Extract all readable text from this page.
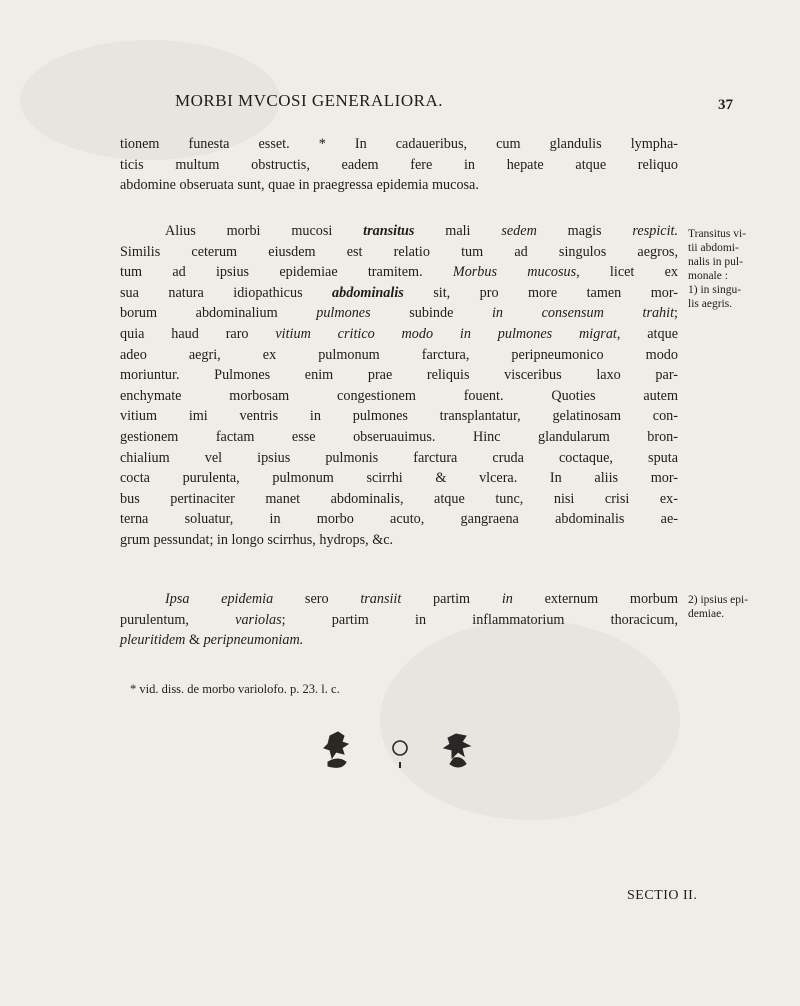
MORBI MVCOSI GENERALIORA.	37
tionem funesta esset. * In cadaueribus, cum glandulis lympha-
ticis multum obstructis, eadem fere in hepate atque reliquo
abdomine obseruata sunt, quae in praegressa epidemia mucosa.
Alius morbi mucosi transitus mali sedem magis respicit.
Similis ceterum eiusdem est relatio tum ad singulos aegros,
tum ad ipsius epidemiae tramitem. Morbus mucosus, licet ex
sua natura idiopathicus abdominalis sit, pro more tamen mor-
borum abdominalium pulmones subinde in consensum trahit;
quia haud raro vitium critico modo in pulmones migrat, atque
adeo aegri, ex pulmonum farctura, peripneumonico modo
moriuntur. Pulmones enim prae reliquis visceribus laxo par-
enchymate morbosam congestionem fouent. Quoties autem
vitium imi ventris in pulmones transplantatur, gelatinosam con-
gestionem factam esse obseruauimus. Hinc glandularum bron-
chialium vel ipsius pulmonis farctura cruda coctaque, sputa
cocta purulenta, pulmonum scirrhi & vlcera. In aliis mor-
bus pertinaciter manet abdominalis, atque tunc, nisi crisi ex-
terna soluatur, in morbo acuto, gangraena abdominalis ae-
grum pessundat; in longo scirrhus, hydrops, &c.
Ipsa epidemia sero transiit partim in externum morbum
purulentum, variolas; partim in inflammatorium thoracicum,
pleuritidem & peripneumoniam.
Transitus vi-
tii abdomi-
nalis in pul-
monale :
1) in singu-
lis aegris.
2) ipsius epi-
demiae.
* vid. diss. de morbo variolofo. p. 23. l. c.
SECTIO II.
